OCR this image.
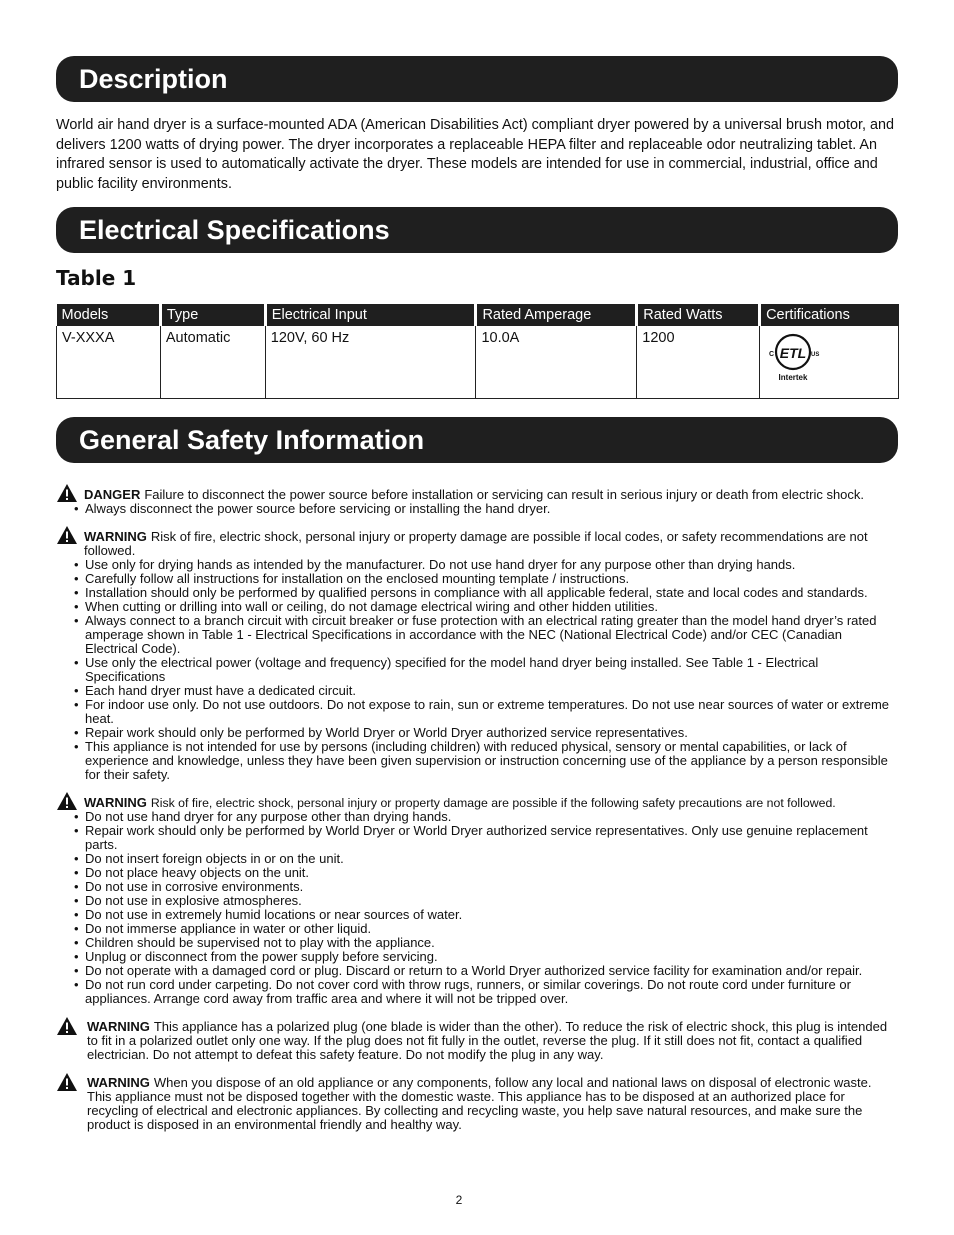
Description

World air hand dryer is a surface-mounted ADA (American Disabilities Act) compliant dryer powered by a universal brush motor, and delivers 1200 watts of drying power. The dryer incorporates a replaceable HEPA filter and replaceable odor neutralizing tablet. An infrared sensor is used to automatically activate the dryer. These models are intended for use in commercial, industrial, office and public facility environments.

Electrical Specifications
Table 1
Models	Type	Electrical Input	Rated Amperage	Rated Watts	Certifications
V-XXXA	Automatic	120V, 60 Hz	10.0A	1200	ETL
C US
Intertek
General Safety Information
DANGER Failure to disconnect the power source before installation or servicing can result in serious injury or death from electric shock.
• Always disconnect the power source before servicing or installing the hand dryer.
WARNING Risk of fire, electric shock, personal injury or property damage are possible if local codes, or safety recommendations are not followed.
• Use only for drying hands as intended by the manufacturer. Do not use hand dryer for any purpose other than drying hands.
• Carefully follow all instructions for installation on the enclosed mounting template / instructions.
• Installation should only be performed by qualified persons in compliance with all applicable federal, state and local codes and standards.
• When cutting or drilling into wall or ceiling, do not damage electrical wiring and other hidden utilities.
• Always connect to a branch circuit with circuit breaker or fuse protection with an electrical rating greater than the model hand dryer’s rated amperage shown in Table 1 - Electrical Specifications in accordance with the NEC (National Electrical Code) and/or CEC (Canadian Electrical Code).
• Use only the electrical power (voltage and frequency) specified for the model hand dryer being installed. See Table 1 - Electrical Specifications
• Each hand dryer must have a dedicated circuit.
• For indoor use only. Do not use outdoors. Do not expose to rain, sun or extreme temperatures. Do not use near sources of water or extreme heat.
• Repair work should only be performed by World Dryer or World Dryer authorized service representatives.
• This appliance is not intended for use by persons (including children) with reduced physical, sensory or mental capabilities, or lack of experience and knowledge, unless they have been given supervision or instruction concerning use of the appliance by a person responsible for their safety.
WARNING Risk of fire, electric shock, personal injury or property damage are possible if the following safety precautions are not followed.
• Do not use hand dryer for any purpose other than drying hands.
• Repair work should only be performed by World Dryer or World Dryer authorized service representatives. Only use genuine replacement parts.
• Do not insert foreign objects in or on the unit.
• Do not place heavy objects on the unit.
• Do not use in corrosive environments.
• Do not use in explosive atmospheres.
• Do not use in extremely humid locations or near sources of water.
• Do not immerse appliance in water or other liquid.
• Children should be supervised not to play with the appliance.
• Unplug or disconnect from the power supply before servicing.
• Do not operate with a damaged cord or plug. Discard or return to a World Dryer authorized service facility for examination and/or repair.
• Do not run cord under carpeting. Do not cover cord with throw rugs, runners, or similar coverings. Do not route cord under furniture or appliances. Arrange cord away from traffic area and where it will not be tripped over.
WARNING This appliance has a polarized plug (one blade is wider than the other). To reduce the risk of electric shock, this plug is intended to fit in a polarized outlet only one way. If the plug does not fit fully in the outlet, reverse the plug. If it still does not fit, contact a qualified electrician. Do not attempt to defeat this safety feature. Do not modify the plug in any way.
WARNING When you dispose of an old appliance or any components, follow any local and national laws on disposal of electronic waste. This appliance must not be disposed together with the domestic waste. This appliance has to be disposed at an authorized place for recycling of electrical and electronic appliances. By collecting and recycling waste, you help save natural resources, and make sure the product is disposed in an environmental friendly and healthy way.
2
